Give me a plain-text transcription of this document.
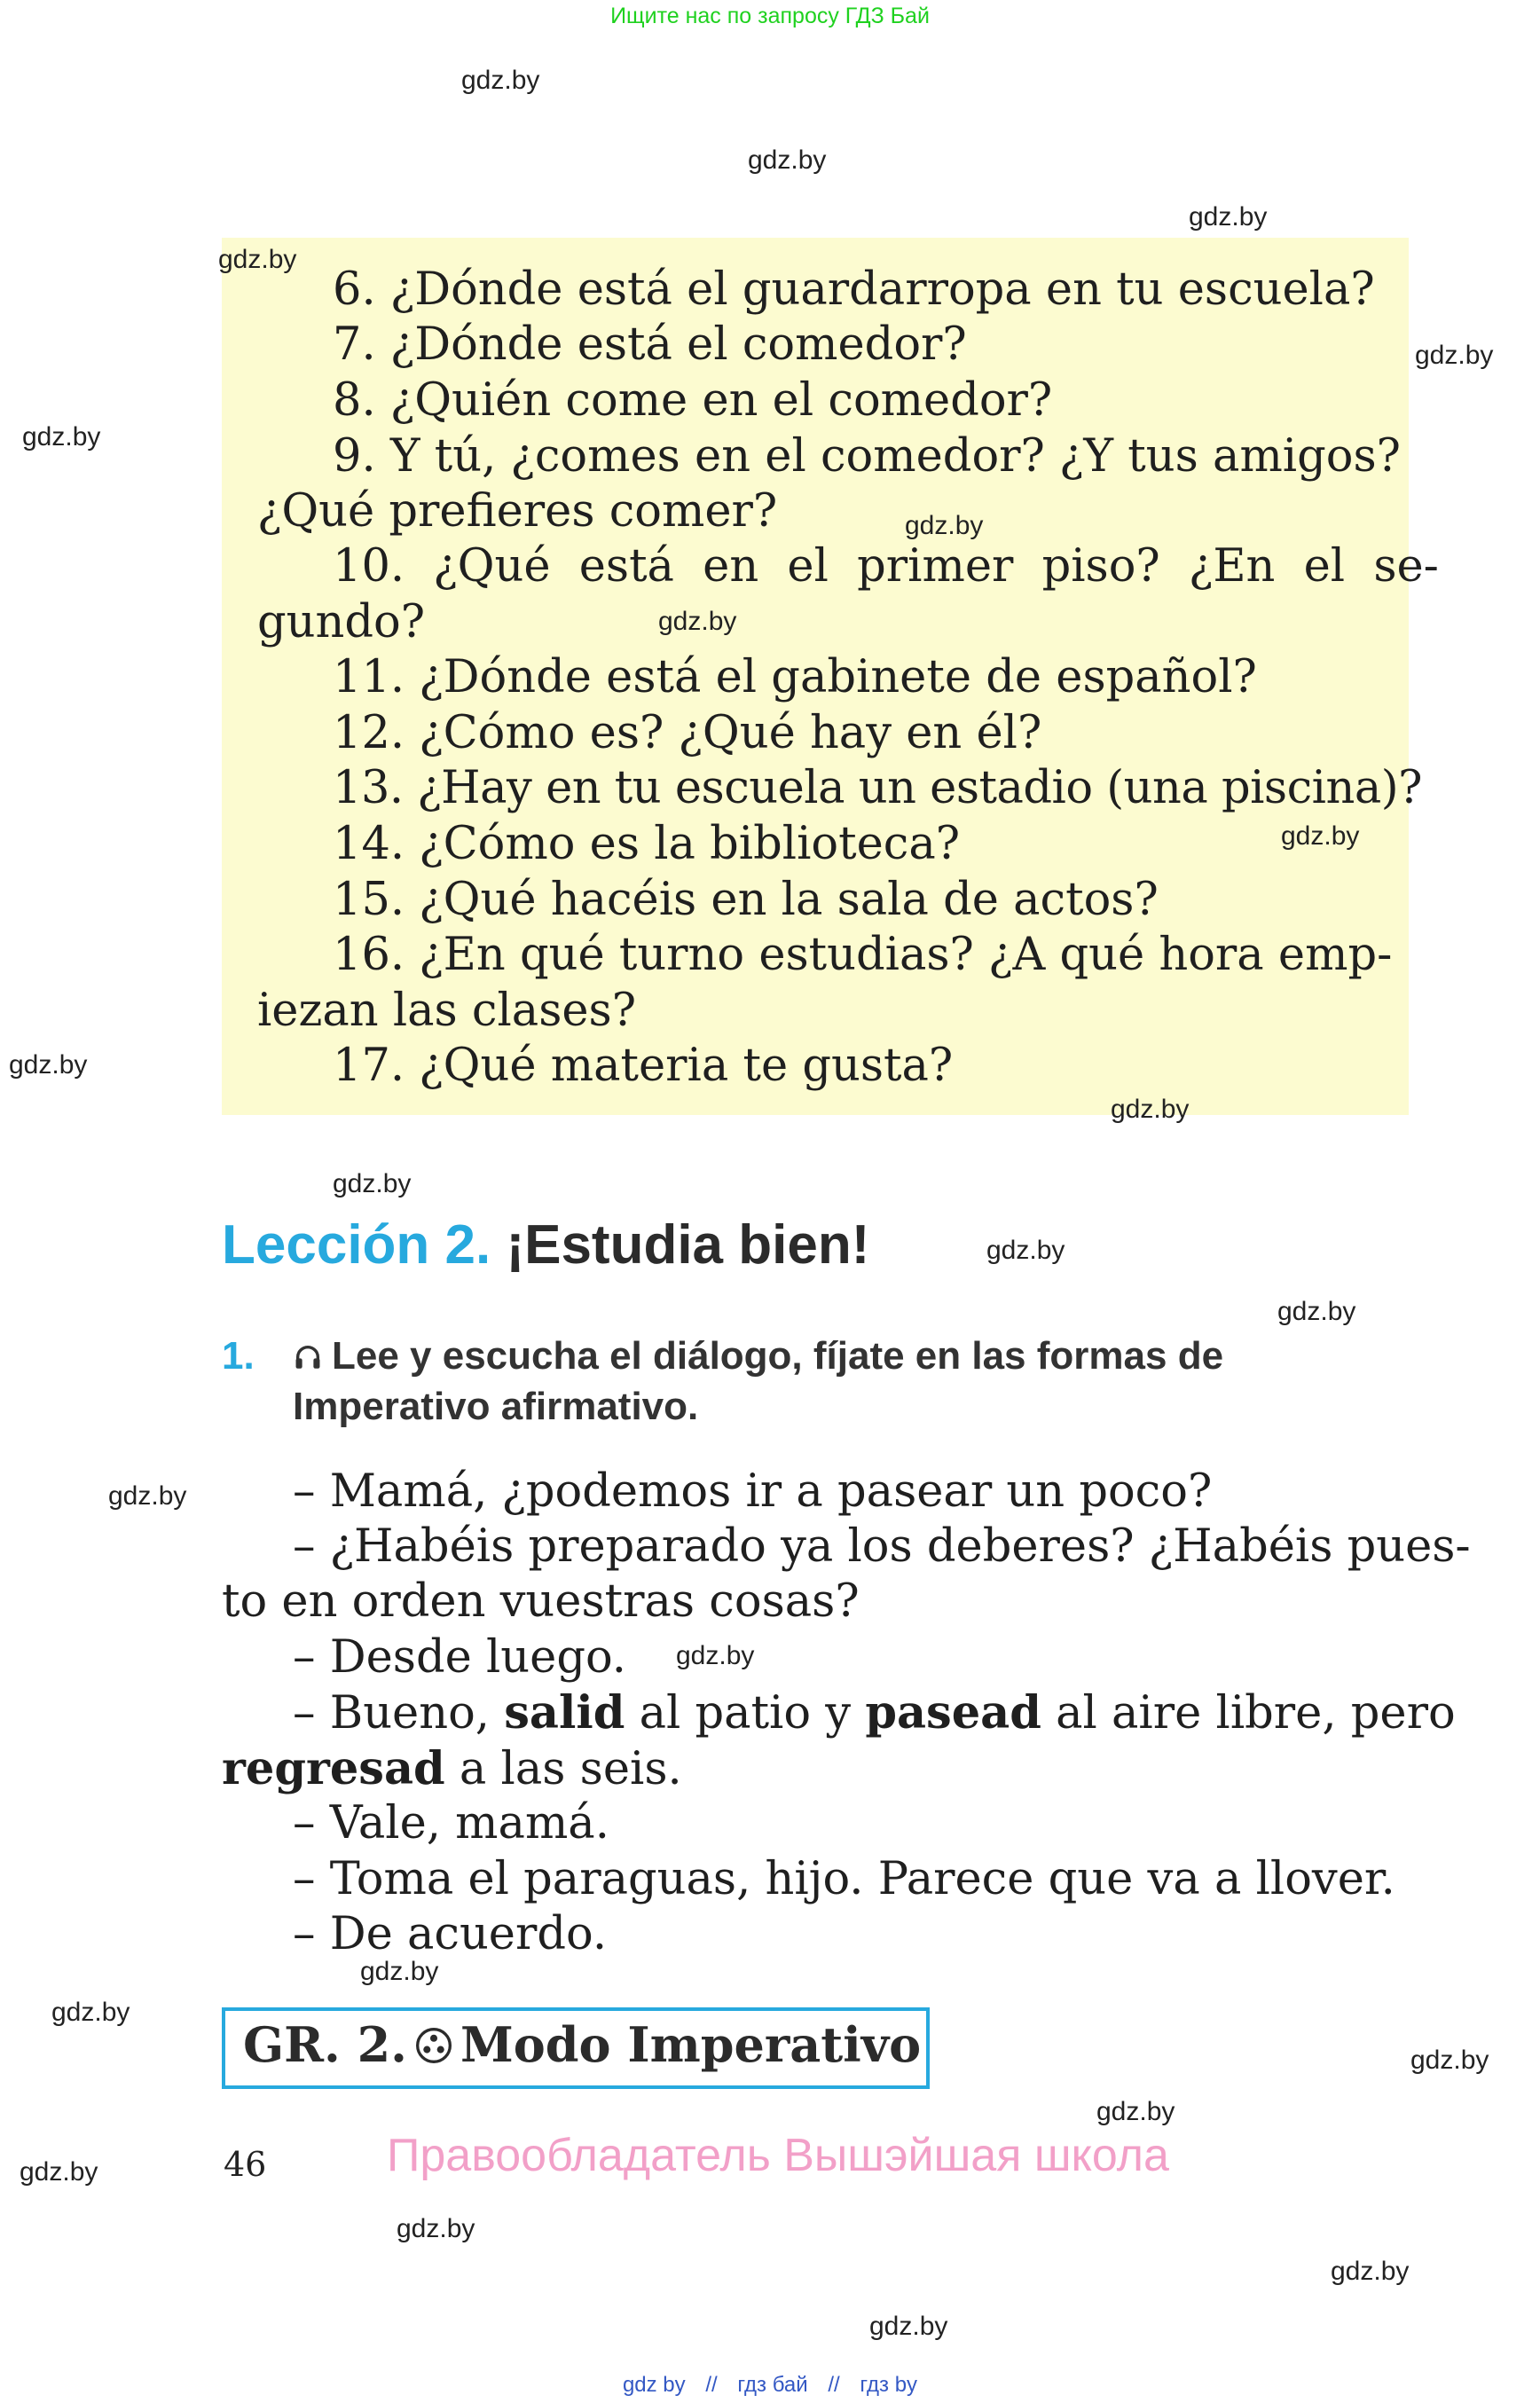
Ищите нас по запросу ГДЗ Бай
gdz.by
gdz.by
gdz.by
gdz.by
gdz.by
gdz.by
gdz.by
gdz.by
gdz.by
gdz.by
gdz.by
gdz.by
gdz.by
gdz.by
gdz.by
gdz.by
gdz.by
gdz.by
6. ¿Dónde está el guardarropa en tu escuela?
7. ¿Dónde está el comedor?
8. ¿Quién come en el comedor?
9. Y tú, ¿comes en el comedor? ¿Y tus amigos?
¿Qué prefieres comer?	gdz.by
10. ¿Qué está en el primer piso? ¿En el se-
gundo?	gdz.by
11. ¿Dónde está el gabinete de español?
12. ¿Cómo es? ¿Qué hay en él?
13. ¿Hay en tu escuela un estadio (una piscina)?
14. ¿Cómo es la biblioteca?	gdz.by
15. ¿Qué hacéis en la sala de actos?
16. ¿En qué turno estudias? ¿A qué hora emp-
iezan las clases?
17. ¿Qué materia te gusta?
gdz.by
Lección 2. ¡Estudia bien!
1. Lee y escucha el diálogo, fíjate en las formas de
Imperativo afirmativo.
– Mamá, ¿podemos ir a pasear un poco?
– ¿Habéis preparado ya los deberes? ¿Habéis pues-
to en orden vuestras cosas?
– Desde luego. gdz.by
– Bueno, salid al patio y pasead al aire libre, pero
regresad a las seis.
– Vale, mamá.
– Toma el paraguas, hijo. Parece que va a llover.
– De acuerdo.
gdz.by
GR. 2. Modo Imperativo
46	Правообладатель Вышэйшая школа
gdz by // гдз бай // гдз by
